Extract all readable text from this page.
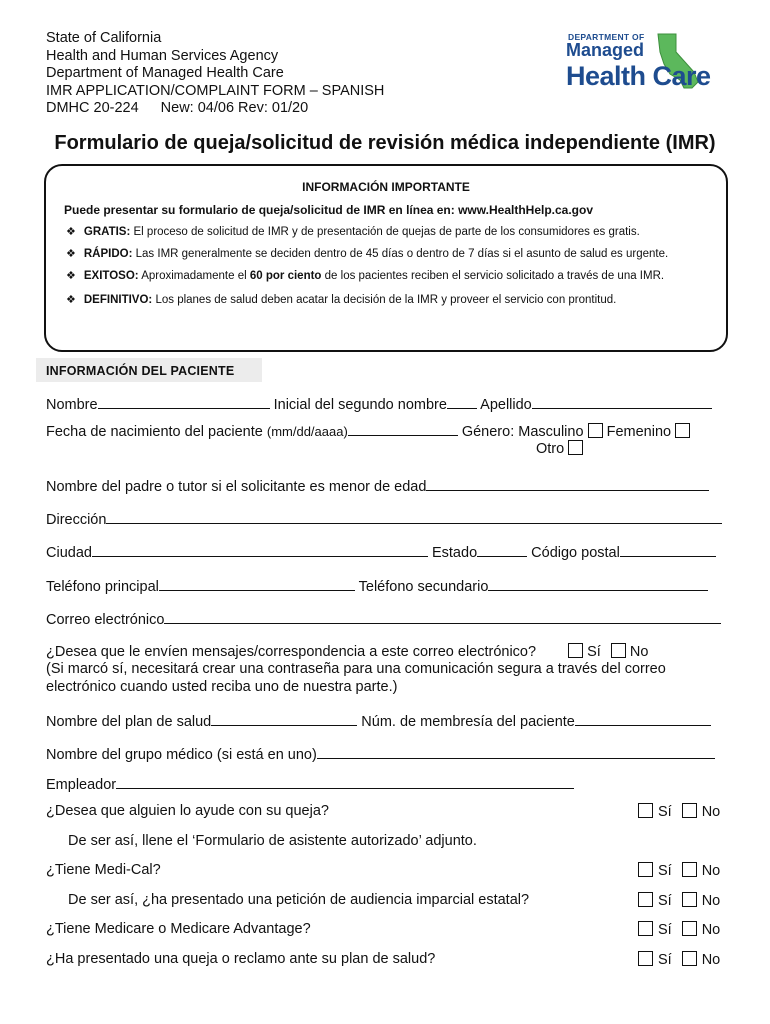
State of California
Health and Human Services Agency
Department of Managed Health Care
IMR APPLICATION/COMPLAINT FORM – SPANISH
DMHC 20-224 New: 04/06 Rev: 01/20
DEPARTMENT OF
Managed
Health Care
Formulario de queja/solicitud de revisión médica independiente (IMR)
INFORMACIÓN IMPORTANTE
Puede presentar su formulario de queja/solicitud de IMR en línea en: www.HealthHelp.ca.gov
❖ GRATIS: El proceso de solicitud de IMR y de presentación de quejas de parte de los consumidores es gratis.
❖ RÁPIDO: Las IMR generalmente se deciden dentro de 45 días o dentro de 7 días si el asunto de salud es urgente.
❖ EXITOSO: Aproximadamente el 60 por ciento de los pacientes reciben el servicio solicitado a través de una IMR.
❖ DEFINITIVO: Los planes de salud deben acatar la decisión de la IMR y proveer el servicio con prontitud.
INFORMACIÓN DEL PACIENTE
Nombre	Inicial del segundo nombre Apellido
Fecha de nacimiento del paciente (mm/dd/aaaa)	Género: Masculino Femenino
Otro
Nombre del padre o tutor si el solicitante es menor de edad
Dirección
Ciudad	Estado	Código postal
Teléfono principal	Teléfono secundario
Correo electrónico
¿Desea que le envíen mensajes/correspondencia a este correo electrónico?	Sí No
(Si marcó sí, necesitará crear una contraseña para una comunicación segura a través del correo
electrónico cuando usted reciba uno de nuestra parte.)
Nombre del plan de salud	Núm. de membresía del paciente
Nombre del grupo médico (si está en uno)
Empleador
¿Desea que alguien lo ayude con su queja?	Sí No
De ser así, llene el ‘Formulario de asistente autorizado’ adjunto.
¿Tiene Medi-Cal?	Sí No
De ser así, ¿ha presentado una petición de audiencia imparcial estatal?	Sí No
¿Tiene Medicare o Medicare Advantage?	Sí No
¿Ha presentado una queja o reclamo ante su plan de salud?	Sí No
